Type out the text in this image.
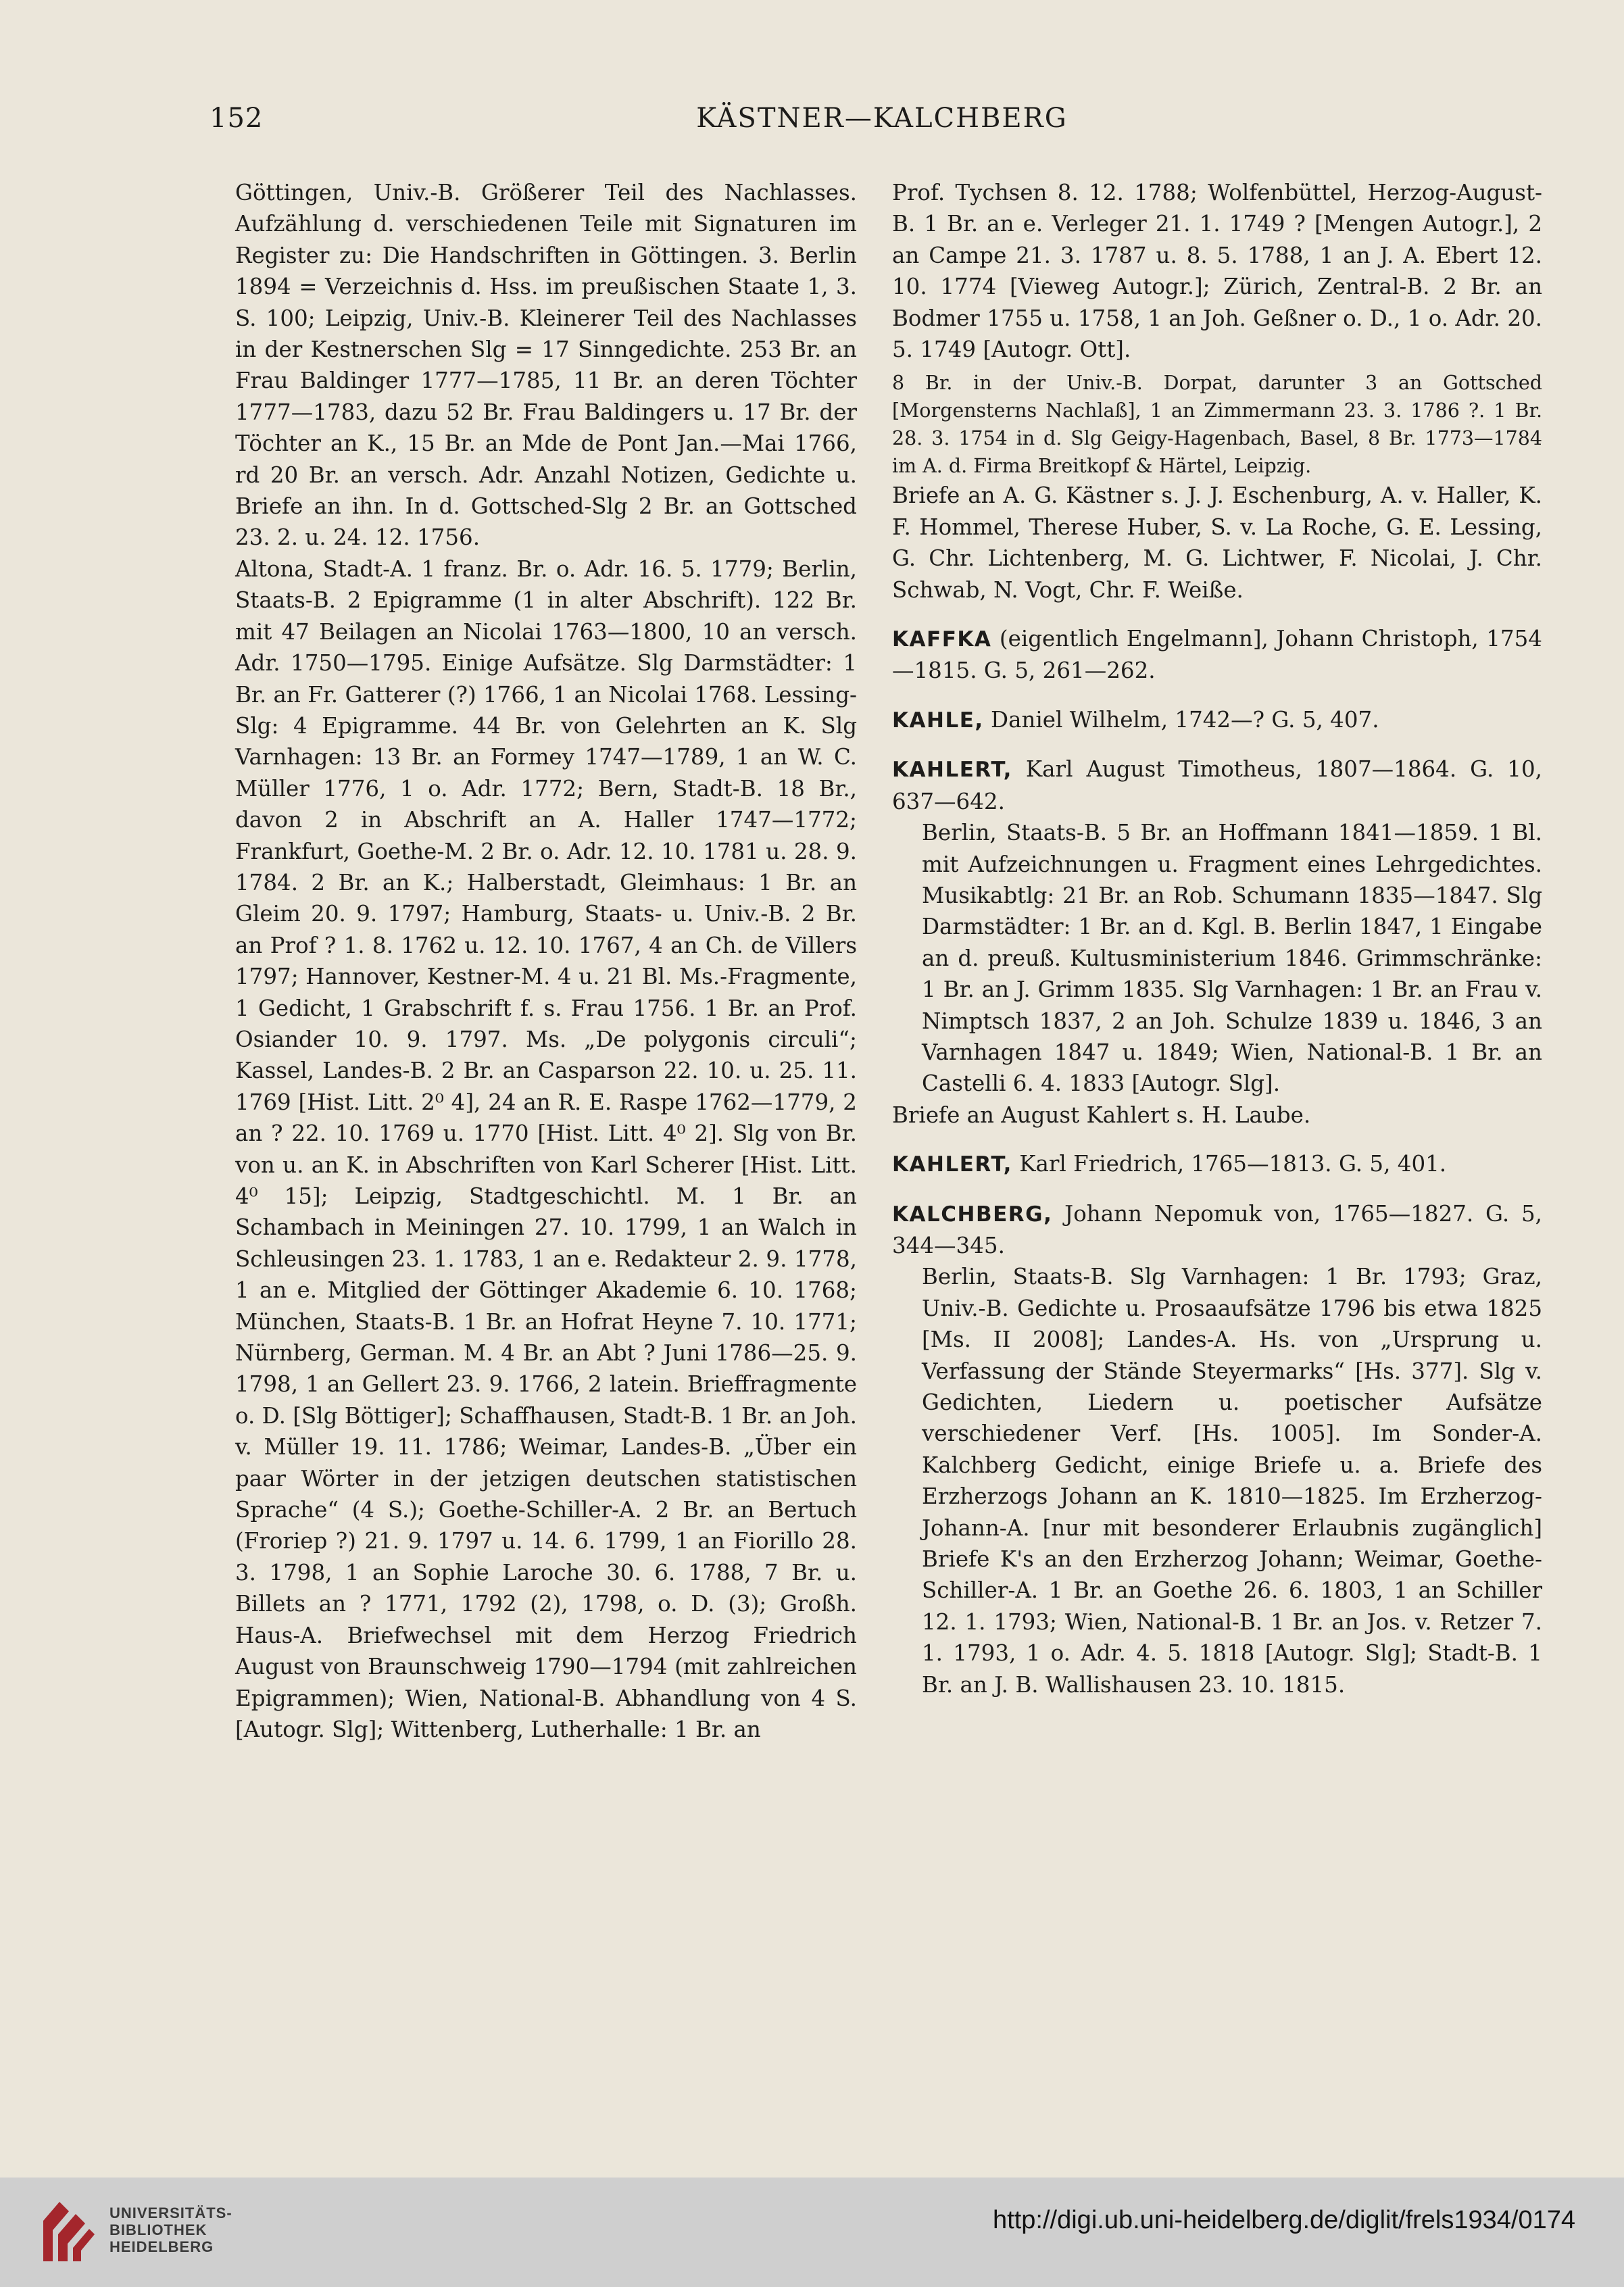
152	KÄSTNER—KALCHBERG

Göttingen, Univ.-B. Größerer Teil des Nachlasses. Aufzählung d. verschiedenen Teile mit Signaturen im Register zu: Die Handschriften in Göttingen. 3. Berlin 1894 = Verzeichnis d. Hss. im preußischen Staate 1, 3. S. 100; Leipzig, Univ.-B. Kleinerer Teil des Nachlasses in der Kestnerschen Slg = 17 Sinngedichte. 253 Br. an Frau Baldinger 1777—1785, 11 Br. an deren Töchter 1777—1783, dazu 52 Br. Frau Baldingers u. 17 Br. der Töchter an K., 15 Br. an Mde de Pont Jan.—Mai 1766, rd 20 Br. an versch. Adr. Anzahl Notizen, Gedichte u. Briefe an ihn. In d. Gottsched-Slg 2 Br. an Gottsched 23. 2. u. 24. 12. 1756.

Altona, Stadt-A. 1 franz. Br. o. Adr. 16. 5. 1779; Berlin, Staats-B. 2 Epigramme (1 in alter Abschrift). 122 Br. mit 47 Beilagen an Nicolai 1763—1800, 10 an versch. Adr. 1750—1795. Einige Aufsätze. Slg Darmstädter: 1 Br. an Fr. Gatterer (?) 1766, 1 an Nicolai 1768. Lessing-Slg: 4 Epigramme. 44 Br. von Gelehrten an K. Slg Varnhagen: 13 Br. an Formey 1747—1789, 1 an W. C. Müller 1776, 1 o. Adr. 1772; Bern, Stadt-B. 18 Br., davon 2 in Abschrift an A. Haller 1747—1772; Frankfurt, Goethe-M. 2 Br. o. Adr. 12. 10. 1781 u. 28. 9. 1784. 2 Br. an K.; Halberstadt, Gleimhaus: 1 Br. an Gleim 20. 9. 1797; Hamburg, Staats- u. Univ.-B. 2 Br. an Prof ? 1. 8. 1762 u. 12. 10. 1767, 4 an Ch. de Villers 1797; Hannover, Kestner-M. 4 u. 21 Bl. Ms.-Fragmente, 1 Gedicht, 1 Grabschrift f. s. Frau 1756. 1 Br. an Prof. Osiander 10. 9. 1797. Ms. „De polygonis circuli“; Kassel, Landes-B. 2 Br. an Casparson 22. 10. u. 25. 11. 1769 [Hist. Litt. 2⁰ 4], 24 an R. E. Raspe 1762—1779, 2 an ? 22. 10. 1769 u. 1770 [Hist. Litt. 4⁰ 2]. Slg von Br. von u. an K. in Abschriften von Karl Scherer [Hist. Litt. 4⁰ 15]; Leipzig, Stadtgeschichtl. M. 1 Br. an Schambach in Meiningen 27. 10. 1799, 1 an Walch in Schleusingen 23. 1. 1783, 1 an e. Redakteur 2. 9. 1778, 1 an e. Mitglied der Göttinger Akademie 6. 10. 1768; München, Staats-B. 1 Br. an Hofrat Heyne 7. 10. 1771; Nürnberg, German. M. 4 Br. an Abt ? Juni 1786—25. 9. 1798, 1 an Gellert 23. 9. 1766, 2 latein. Brieffragmente o. D. [Slg Böttiger]; Schaffhausen, Stadt-B. 1 Br. an Joh. v. Müller 19. 11. 1786; Weimar, Landes-B. „Über ein paar Wörter in der jetzigen deutschen statistischen Sprache“ (4 S.); Goethe-Schiller-A. 2 Br. an Bertuch (Froriep ?) 21. 9. 1797 u. 14. 6. 1799, 1 an Fiorillo 28. 3. 1798, 1 an Sophie Laroche 30. 6. 1788, 7 Br. u. Billets an ? 1771, 1792 (2), 1798, o. D. (3); Großh. Haus-A. Briefwechsel mit dem Herzog Friedrich August von Braunschweig 1790—1794 (mit zahlreichen Epigrammen); Wien, National-B. Abhandlung von 4 S. [Autogr. Slg]; Wittenberg, Lutherhalle: 1 Br. an

Prof. Tychsen 8. 12. 1788; Wolfenbüttel, Herzog-August-B. 1 Br. an e. Verleger 21. 1. 1749 ? [Mengen Autogr.], 2 an Campe 21. 3. 1787 u. 8. 5. 1788, 1 an J. A. Ebert 12. 10. 1774 [Vieweg Autogr.]; Zürich, Zentral-B. 2 Br. an Bodmer 1755 u. 1758, 1 an Joh. Geßner o. D., 1 o. Adr. 20. 5. 1749 [Autogr. Ott].

8 Br. in der Univ.-B. Dorpat, darunter 3 an Gottsched [Morgensterns Nachlaß], 1 an Zimmermann 23. 3. 1786 ?. 1 Br. 28. 3. 1754 in d. Slg Geigy-Hagenbach, Basel, 8 Br. 1773—1784 im A. d. Firma Breitkopf & Härtel, Leipzig.

Briefe an A. G. Kästner s. J. J. Eschenburg, A. v. Haller, K. F. Hommel, Therese Huber, S. v. La Roche, G. E. Lessing, G. Chr. Lichtenberg, M. G. Lichtwer, F. Nicolai, J. Chr. Schwab, N. Vogt, Chr. F. Weiße.

KAFFKA (eigentlich Engelmann], Johann Christoph, 1754—1815. G. 5, 261—262.
KAHLE, Daniel Wilhelm, 1742—? G. 5, 407.
KAHLERT, Karl August Timotheus, 1807—1864. G. 10, 637—642.
Berlin, Staats-B. 5 Br. an Hoffmann 1841—1859. 1 Bl. mit Aufzeichnungen u. Fragment eines Lehrgedichtes. Musikabtlg: 21 Br. an Rob. Schumann 1835—1847. Slg Darmstädter: 1 Br. an d. Kgl. B. Berlin 1847, 1 Eingabe an d. preuß. Kultusministerium 1846. Grimmschränke: 1 Br. an J. Grimm 1835. Slg Varnhagen: 1 Br. an Frau v. Nimptsch 1837, 2 an Joh. Schulze 1839 u. 1846, 3 an Varnhagen 1847 u. 1849; Wien, National-B. 1 Br. an Castelli 6. 4. 1833 [Autogr. Slg].
Briefe an August Kahlert s. H. Laube.
KAHLERT, Karl Friedrich, 1765—1813. G. 5, 401.
KALCHBERG, Johann Nepomuk von, 1765—1827. G. 5, 344—345.
Berlin, Staats-B. Slg Varnhagen: 1 Br. 1793; Graz, Univ.-B. Gedichte u. Prosaaufsätze 1796 bis etwa 1825 [Ms. II 2008]; Landes-A. Hs. von „Ursprung u. Verfassung der Stände Steyermarks“ [Hs. 377]. Slg v. Gedichten, Liedern u. poetischer Aufsätze verschiedener Verf. [Hs. 1005]. Im Sonder-A. Kalchberg Gedicht, einige Briefe u. a. Briefe des Erzherzogs Johann an K. 1810—1825. Im Erzherzog-Johann-A. [nur mit besonderer Erlaubnis zugänglich] Briefe K's an den Erzherzog Johann; Weimar, Goethe-Schiller-A. 1 Br. an Goethe 26. 6. 1803, 1 an Schiller 12. 1. 1793; Wien, National-B. 1 Br. an Jos. v. Retzer 7. 1. 1793, 1 o. Adr. 4. 5. 1818 [Autogr. Slg]; Stadt-B. 1 Br. an J. B. Wallishausen 23. 10. 1815.
UNIVERSITÄTS-
BIBLIOTHEK
HEIDELBERG
http://digi.ub.uni-heidelberg.de/diglit/frels1934/0174
